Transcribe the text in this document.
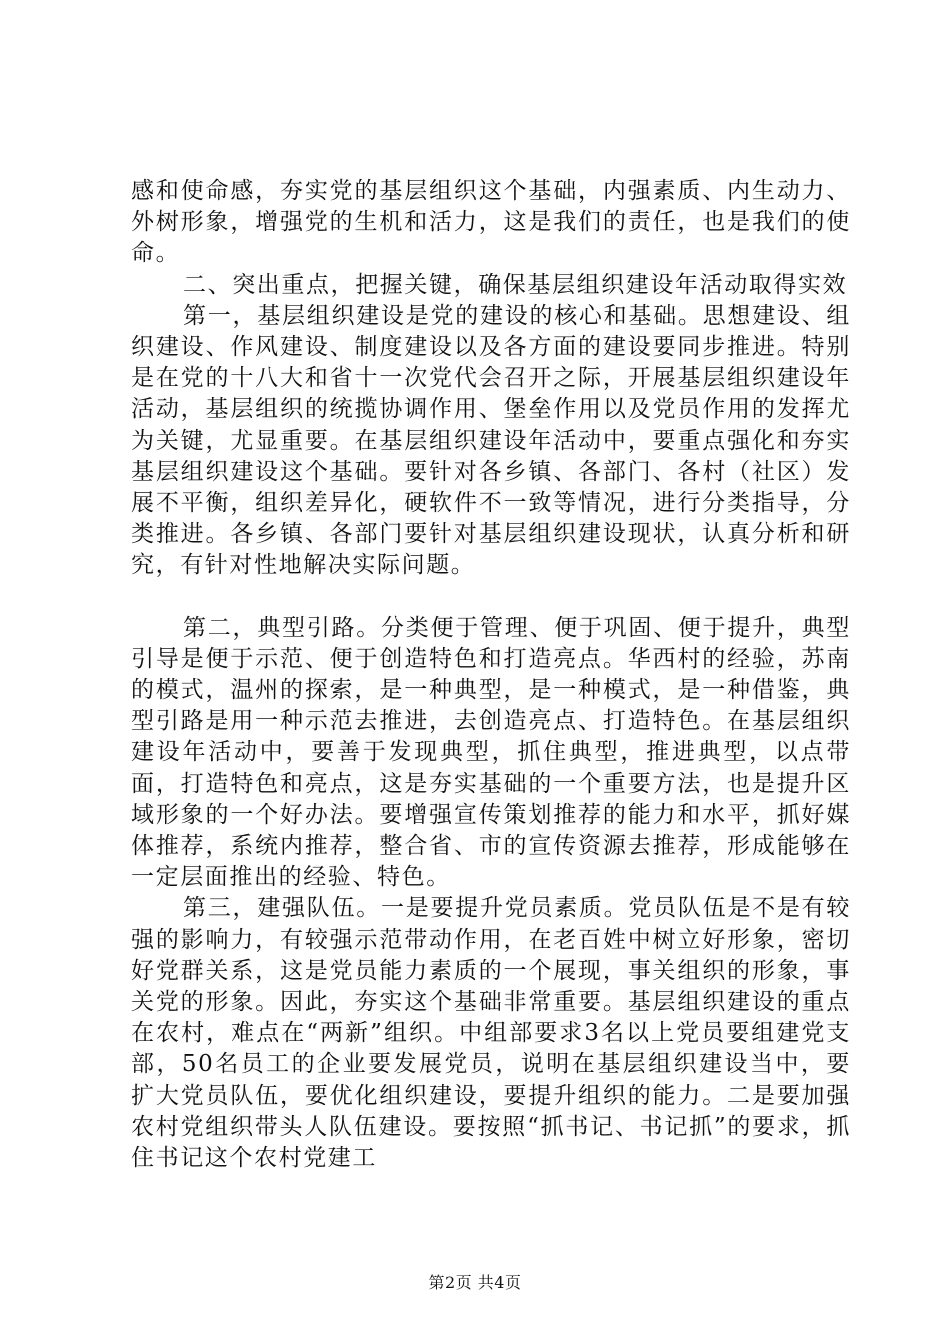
感和使命感，夯实党的基层组织这个基础，内强素质、内生动力、外树形象，增强党的生机和活力，这是我们的责任，也是我们的使命。

二、突出重点，把握关键，确保基层组织建设年活动取得实效

第一，基层组织建设是党的建设的核心和基础。思想建设、组织建设、作风建设、制度建设以及各方面的建设要同步推进。特别是在党的十八大和省十一次党代会召开之际，开展基层组织建设年活动，基层组织的统揽协调作用、堡垒作用以及党员作用的发挥尤为关键，尤显重要。在基层组织建设年活动中，要重点强化和夯实基层组织建设这个基础。要针对各乡镇、各部门、各村（社区）发展不平衡，组织差异化，硬软件不一致等情况，进行分类指导，分类推进。各乡镇、各部门要针对基层组织建设现状，认真分析和研究，有针对性地解决实际问题。

第二，典型引路。分类便于管理、便于巩固、便于提升，典型引导是便于示范、便于创造特色和打造亮点。华西村的经验，苏南的模式，温州的探索，是一种典型，是一种模式，是一种借鉴，典型引路是用一种示范去推进，去创造亮点、打造特色。在基层组织建设年活动中，要善于发现典型，抓住典型，推进典型，以点带面，打造特色和亮点，这是夯实基础的一个重要方法，也是提升区域形象的一个好办法。要增强宣传策划推荐的能力和水平，抓好媒体推荐，系统内推荐，整合省、市的宣传资源去推荐，形成能够在一定层面推出的经验、特色。

第三，建强队伍。一是要提升党员素质。党员队伍是不是有较强的影响力，有较强示范带动作用，在老百姓中树立好形象，密切好党群关系，这是党员能力素质的一个展现，事关组织的形象，事关党的形象。因此，夯实这个基础非常重要。基层组织建设的重点在农村，难点在“两新”组织。中组部要求3名以上党员要组建党支部，50名员工的企业要发展党员，说明在基层组织建设当中，要扩大党员队伍，要优化组织建设，要提升组织的能力。二是要加强农村党组织带头人队伍建设。要按照“抓书记、书记抓”的要求，抓住书记这个农村党建工

第2页 共4页
